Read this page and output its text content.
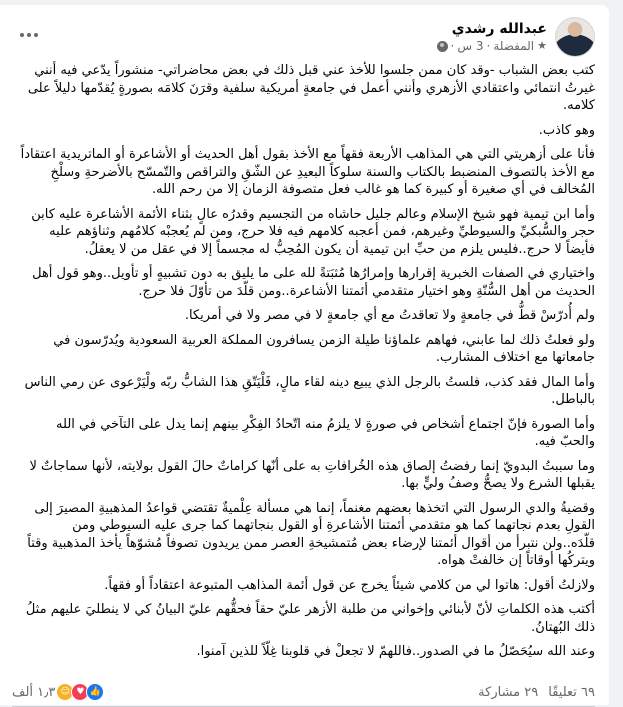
عبدالله رشدي
★
المفضلة
·
3 س
·

كتب بعض الشباب -وقد كان ممن جلسوا للأخذ عني قبل ذلك في بعض محاضراتي- منشوراً يدّعي فيه أنني غيرتُ انتمائي واعتقادي الأزهري وأنني أعمل في جامعةٍ أمريكية سلفية وقرَنَ كلامَه بصورةٍ يُقدّمها دليلاً على كلامه.

وهو كاذب.

فأنا على أزهريتي التي هي المذاهب الأربعة فقهاً مع الأخذ بقول أهل الحديث أو الأشاعرة أو الماتريدية اعتقاداً مع الأخذ بالتصوف المنضبط بالكتاب والسنة سلوكاً البعيدِ عن الشّقِ والتراقص والتّمسّح بالأضرحةِ وسلْخِ المُخالف في أي صغيرة أو كبيرة كما هو غالب فعل متصوفة الزمان إلا من رحم الله.

وأما ابن تيمية فهو شيخ الإسلام وعالم جليل حاشاه من التجسيم وقدرُه عالٍ بثناء الأئمة الأشاعرة عليه كابن حجر والسُّبكيِّ والسيوطيِّ وغيرهم، فمن أعجبه كلامهم فيه فلا حرج، ومن لم يُعجبْه كلامُهم وثناؤهم عليه فأيضاً لا حرج..فليس يلزم من حبِّ ابن تيمية أن يكون المُحِبُّ له مجسماً إلا في عقل من لا يعقلُ.

واختياري في الصفات الخبرية إقرارها وإمرارُها مُثبَتةً لله على ما يليق به دون تشبيهٍ أو تأويل..وهو قول أهل الحديث من أهل السُّنّةِ وهو اختيار متقدمي أئمتنا الأشاعرة..ومن قلّدَ من تأوّلَ فلا حرج.

ولم أُدرّسْ قطُّ في جامعةٍ ولا تعاقدتُ مع أي جامعةٍ لا في مصر ولا في أمريكا.

ولو فعلتُ ذلك لما عابني، فهاهم علماؤنا طيلة الزمن يسافرون المملكة العربية السعودية ويُدرّسون في جامعاتها مع اختلاف المشارب.

وأما المال فقد كذب، فلستُ بالرجل الذي يبيع دينه لقاء مالٍ، فَلْيَتّقِ هذا الشابُّ ربّه ولْيَرْعوى عن رمي الناس بالباطل.

وأما الصورة فإنّ اجتماع أشخاص في صورةٍ لا يلزمُ منه اتّحادُ الفِكْرِ بينهم إنما يدل على التآخي في الله والحبّ فيه.

وما سببتُ البدويّ إنما رفضتُ إلصاق هذه الخُرافاتِ به على أنّها كراماتٌ حالَ القول بولايته، لأنها سماجاتٌ لا يقبلها الشرع ولا يصحُّ وصفُ وليٍّ بها.

وقضيةُ والدي الرسول التي اتخذها بعضهم مغنماً، إنما هي مسألة عِلْميةٌ تقتضي قواعدُ المذهبيةِ المصيرَ إلى القولِ بعدم نجاتهما كما هو متقدمي أئمتنا الأشاعرةِ أو القول بنجاتهما كما جرى عليه السيوطي ومن قلّدَه..ولن نتبرأ من أقوال أئمتنا لإرضاء بعض مُتمشيخةِ العصر ممن يريدون تصوفاً مُشوّهاً يأخذ المذهبية وقتاً ويتركُها أوقاتاً إن خالفتْ هواه.

ولازلتُ أقول: هاتوا لي من كلامي شيئاً يخرج عن قول أئمة المذاهب المتبوعة اعتقاداً أو فقهاً.

أكتب هذه الكلماتِ لأنّ لأبنائي وإخواني من طلبة الأزهر عليّ حقاً فحقُّهم عليّ البيانُ كي لا ينطليَ عليهم مثلُ ذلك البُهتانُ.

وعند الله سيُحَصّلُ ما في الصدور..فاللهمّ لا تجعلْ في قلوبنا غِلّاً للذين آمنوا.

١٫٣ ألف	👍
♥
☺	٦٩ تعليقًا
٢٩ مشاركة
